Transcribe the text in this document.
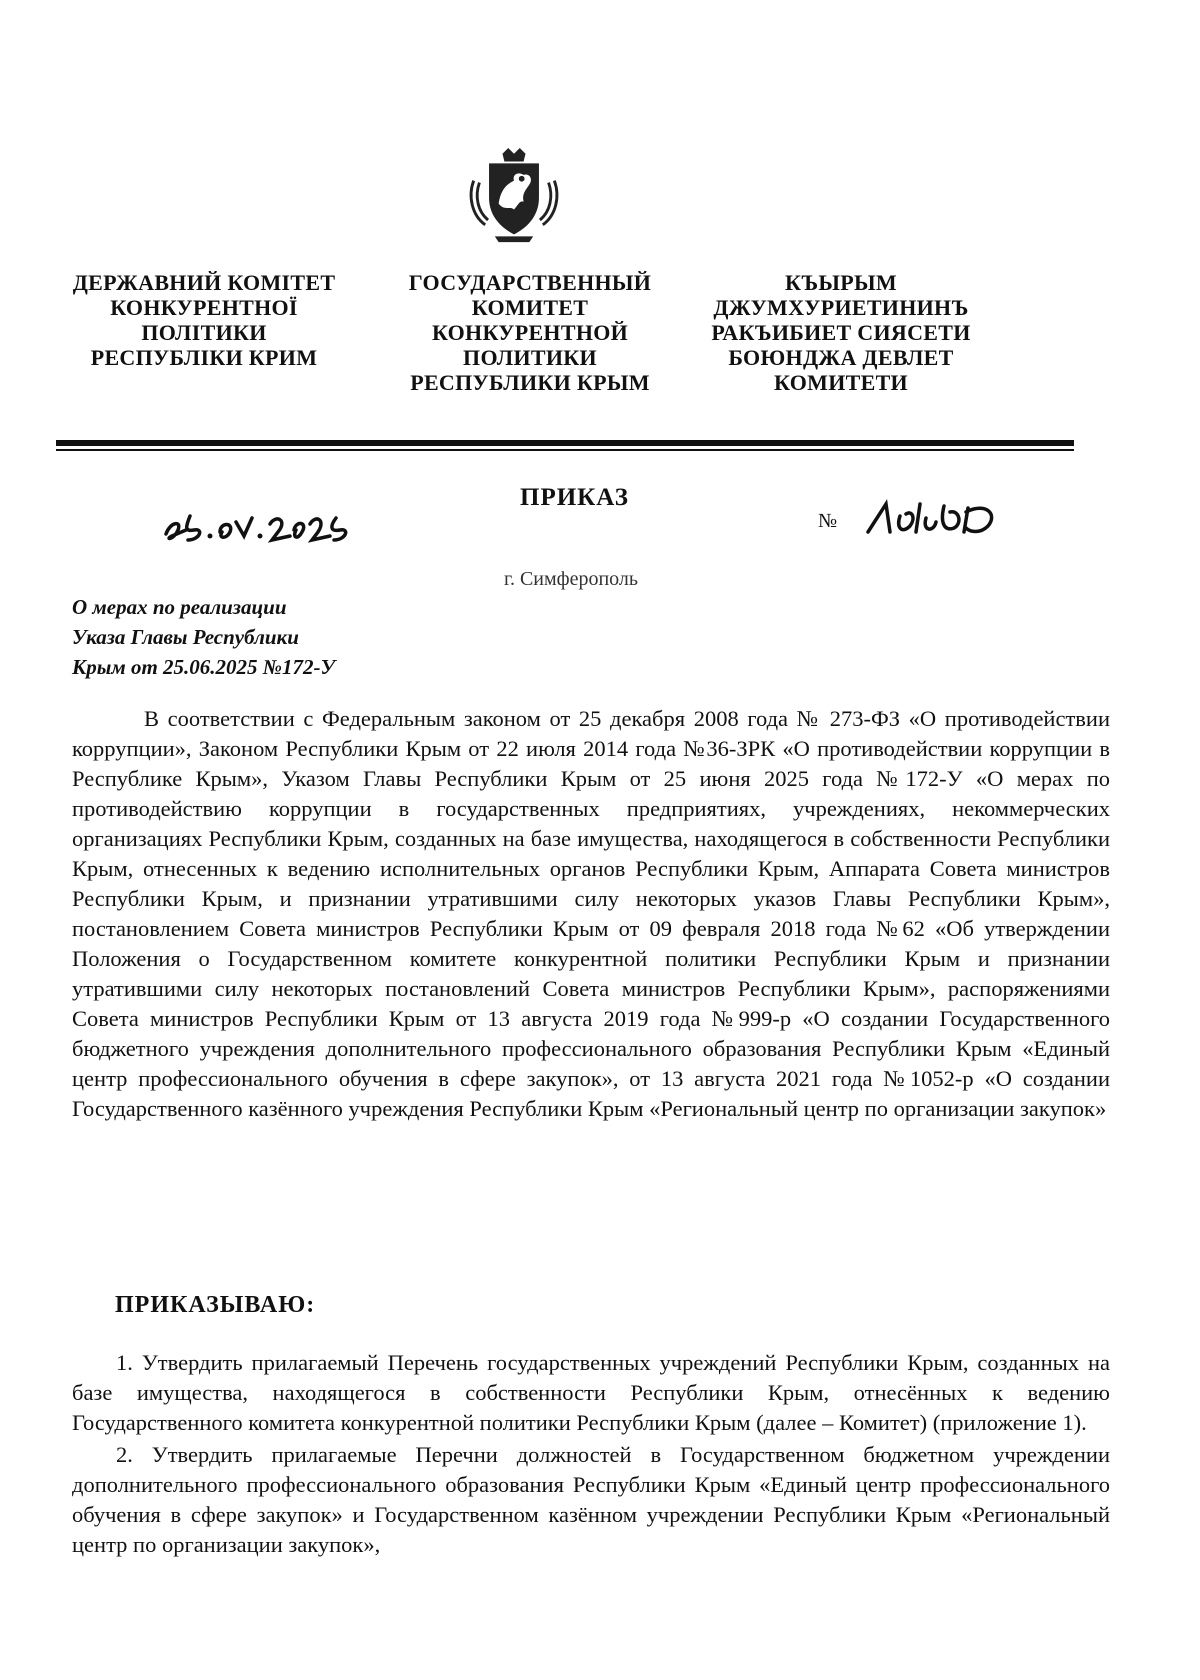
ДЕРЖАВНИЙ КОМІТЕТ
КОНКУРЕНТНОЇ
ПОЛІТИКИ
РЕСПУБЛІКИ КРИМ
ГОСУДАРСТВЕННЫЙ
КОМИТЕТ
КОНКУРЕНТНОЙ
ПОЛИТИКИ
РЕСПУБЛИКИ КРЫМ
КЪЫРЫМ
ДЖУМХУРИЕТИНИНЪ
РАКЪИБИЕТ СИЯСЕТИ
БОЮНДЖА ДЕВЛЕТ
КОМИТЕТИ
ПРИКАЗ
№
г. Симферополь
О мерах по реализации
Указа Главы Республики
Крым от 25.06.2025 №172-У
В соответствии с Федеральным законом от 25 декабря 2008 года № 273-ФЗ «О противодействии коррупции», Законом Республики Крым от 22 июля 2014 года №36-ЗРК «О противодействии коррупции в Республике Крым», Указом Главы Республики Крым от 25 июня 2025 года №172-У «О мерах по противодействию коррупции в государственных предприятиях, учреждениях, некоммерческих организациях Республики Крым, созданных на базе имущества, находящегося в собственности Республики Крым, отнесенных к ведению исполнительных органов Республики Крым, Аппарата Совета министров Республики Крым, и признании утратившими силу некоторых указов Главы Республики Крым», постановлением Совета министров Республики Крым от 09 февраля 2018 года №62 «Об утверждении Положения о Государственном комитете конкурентной политики Республики Крым и признании утратившими силу некоторых постановлений Совета министров Республики Крым», распоряжениями Совета министров Республики Крым от 13 августа 2019 года №999-р «О создании Государственного бюджетного учреждения дополнительного профессионального образования Республики Крым «Единый центр профессионального обучения в сфере закупок», от 13 августа 2021 года №1052-р «О создании Государственного казённого учреждения Республики Крым «Региональный центр по организации закупок»
ПРИКАЗЫВАЮ:
1. Утвердить прилагаемый Перечень государственных учреждений Республики Крым, созданных на базе имущества, находящегося в собственности Республики Крым, отнесённых к ведению Государственного комитета конкурентной политики Республики Крым (далее – Комитет) (приложение 1).
2. Утвердить прилагаемые Перечни должностей в Государственном бюджетном учреждении дополнительного профессионального образования Республики Крым «Единый центр профессионального обучения в сфере закупок» и Государственном казённом учреждении Республики Крым «Региональный центр по организации закупок»,
